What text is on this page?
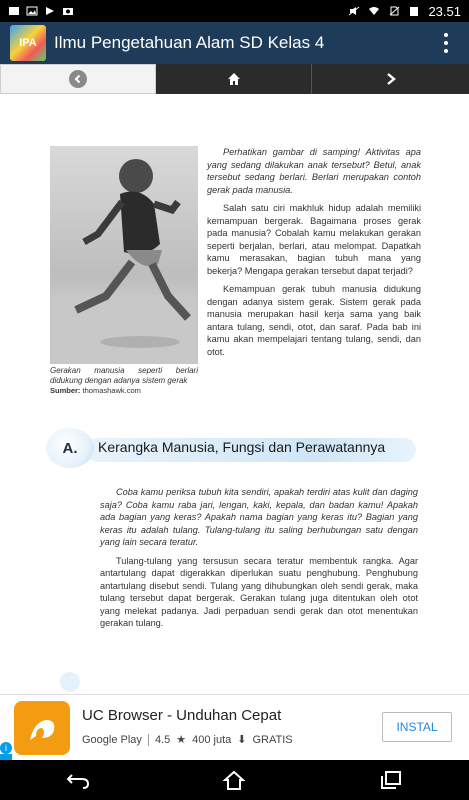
23.51
IPA	Ilmu Pengetahuan Alam SD Kelas 4
Gerakan manusia seperti berlari didukung dengan adanya sistem gerak
Sumber: thomashawk.com

Perhatikan gambar di samping! Aktivitas apa yang sedang dilakukan anak tersebut? Betul, anak tersebut sedang berlari. Berlari merupakan contoh gerak pada manusia.

Salah satu ciri makhluk hidup adalah memiliki kemampuan bergerak. Bagaimana proses gerak pada manusia? Cobalah kamu melakukan gerakan seperti berjalan, berlari, atau melompat. Dapatkah kamu merasakan, bagian tubuh mana yang bekerja? Mengapa gerakan tersebut dapat terjadi?

Kemampuan gerak tubuh manusia didukung dengan adanya sistem gerak. Sistem gerak pada manusia merupakan hasil kerja sama yang baik antara tulang, sendi, otot, dan saraf. Pada bab ini kamu akan mempelajari tentang tulang, sendi, dan otot.

A.	Kerangka Manusia, Fungsi dan Perawatannya

Coba kamu periksa tubuh kita sendiri, apakah terdiri atas kulit dan daging saja? Coba kamu raba jari, lengan, kaki, kepala, dan badan kamu! Apakah ada bagian yang keras? Apakah nama bagian yang keras itu? Bagian yang keras itu adalah tulang. Tulang-tulang itu saling berhubungan satu dengan yang lain secara teratur.

Tulang-tulang yang tersusun secara teratur membentuk rangka. Agar antartulang dapat digerakkan diperlukan suatu penghubung. Penghubung antartulang disebut sendi. Tulang yang dihubungkan oleh sendi gerak, maka tulang tersebut dapat bergerak. Gerakan tulang juga ditentukan oleh otot yang melekat padanya. Jadi perpaduan sendi gerak dan otot menentukan gerakan tulang.

UC Browser - Unduhan Cepat
Google Play 4.5 ★ 400 juta ⬇ GRATIS
INSTAL
i
